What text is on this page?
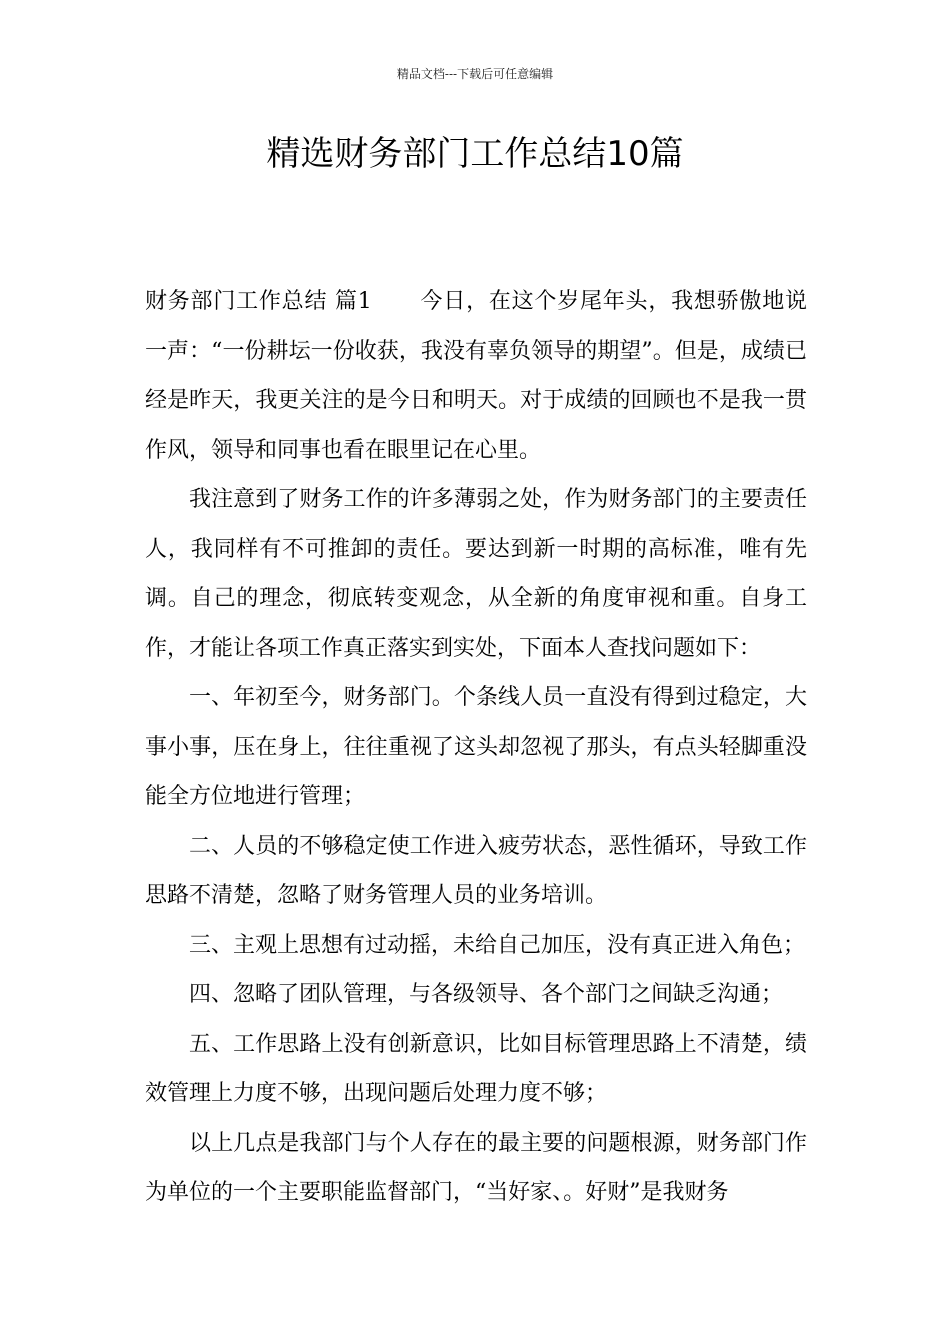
精品文档---下载后可任意编辑
精选财务部门工作总结10篇

财务部门工作总结 篇1 今日，在这个岁尾年头，我想骄傲地说一声：“一份耕坛一份收获，我没有辜负领导的期望”。但是，成绩已经是昨天，我更关注的是今日和明天。对于成绩的回顾也不是我一贯作风，领导和同事也看在眼里记在心里。

我注意到了财务工作的许多薄弱之处，作为财务部门的主要责任人，我同样有不可推卸的责任。要达到新一时期的高标准，唯有先调。自己的理念，彻底转变观念，从全新的角度审视和重。自身工作，才能让各项工作真正落实到实处，下面本人查找问题如下：

一、年初至今，财务部门。个条线人员一直没有得到过稳定，大事小事，压在身上，往往重视了这头却忽视了那头，有点头轻脚重没能全方位地进行管理；

二、人员的不够稳定使工作进入疲劳状态，恶性循环，导致工作思路不清楚，忽略了财务管理人员的业务培训。

三、主观上思想有过动摇，未给自己加压，没有真正进入角色；

四、忽略了团队管理，与各级领导、各个部门之间缺乏沟通；

五、工作思路上没有创新意识，比如目标管理思路上不清楚，绩效管理上力度不够，出现问题后处理力度不够；

以上几点是我部门与个人存在的最主要的问题根源，财务部门作为单位的一个主要职能监督部门，“当好家、。好财”是我财务
